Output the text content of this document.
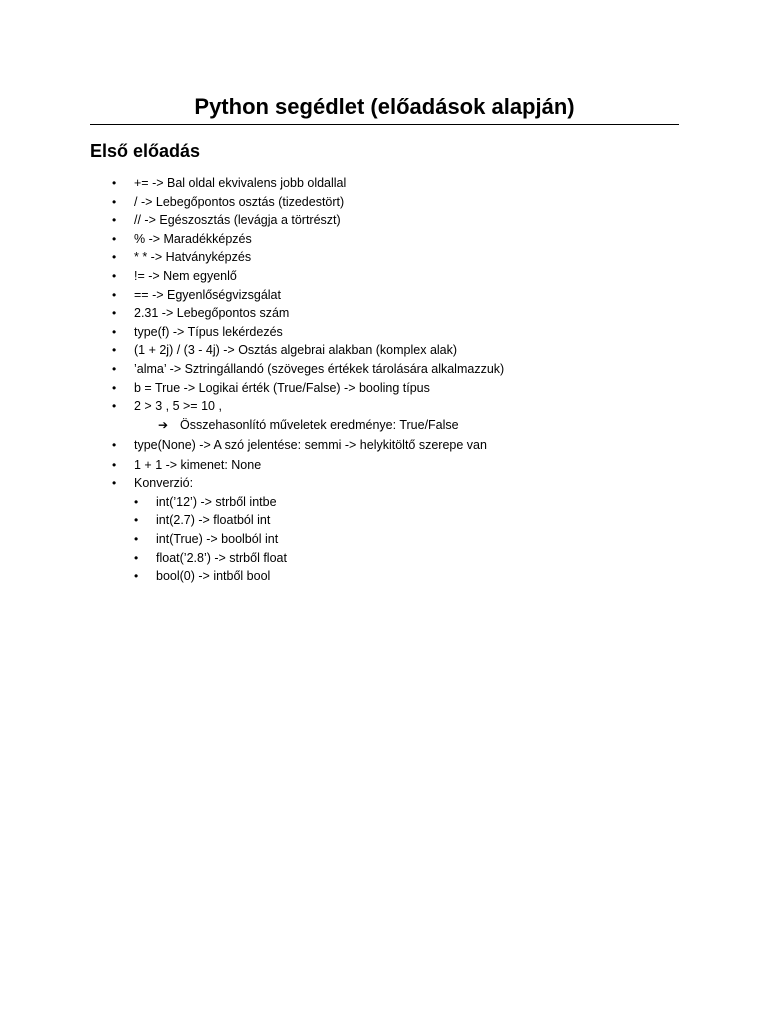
Python segédlet (előadások alapján)
Első előadás
• += -> Bal oldal ekvivalens jobb oldallal
• / -> Lebegőpontos osztás (tizedestört)
• // -> Egészosztás (levágja a törtrészt)
• % -> Maradékképzés
• * * -> Hatványképzés
• != -> Nem egyenlő
• == -> Egyenlőségvizsgálat
• 2.31 -> Lebegőpontos szám
• type(f) -> Típus lekérdezés
• (1 + 2j) / (3 - 4j) -> Osztás algebrai alakban (komplex alak)
• ’alma’ -> Sztringállandó (szöveges értékek tárolására alkalmazzuk)
• b = True -> Logikai érték (True/False) -> booling típus
• 2 > 3 , 5 >= 10 ,
➔ Összehasonlító műveletek eredménye: True/False

• type(None) -> A szó jelentése: semmi -> helykitöltő szerepe van
• 1 + 1 -> kimenet: None
• Konverzió:
• int(’12’) -> strből intbe
• int(2.7) -> floatból int
• int(True) -> boolból int
• float(’2.8’) -> strből float
• bool(0) -> intből bool
